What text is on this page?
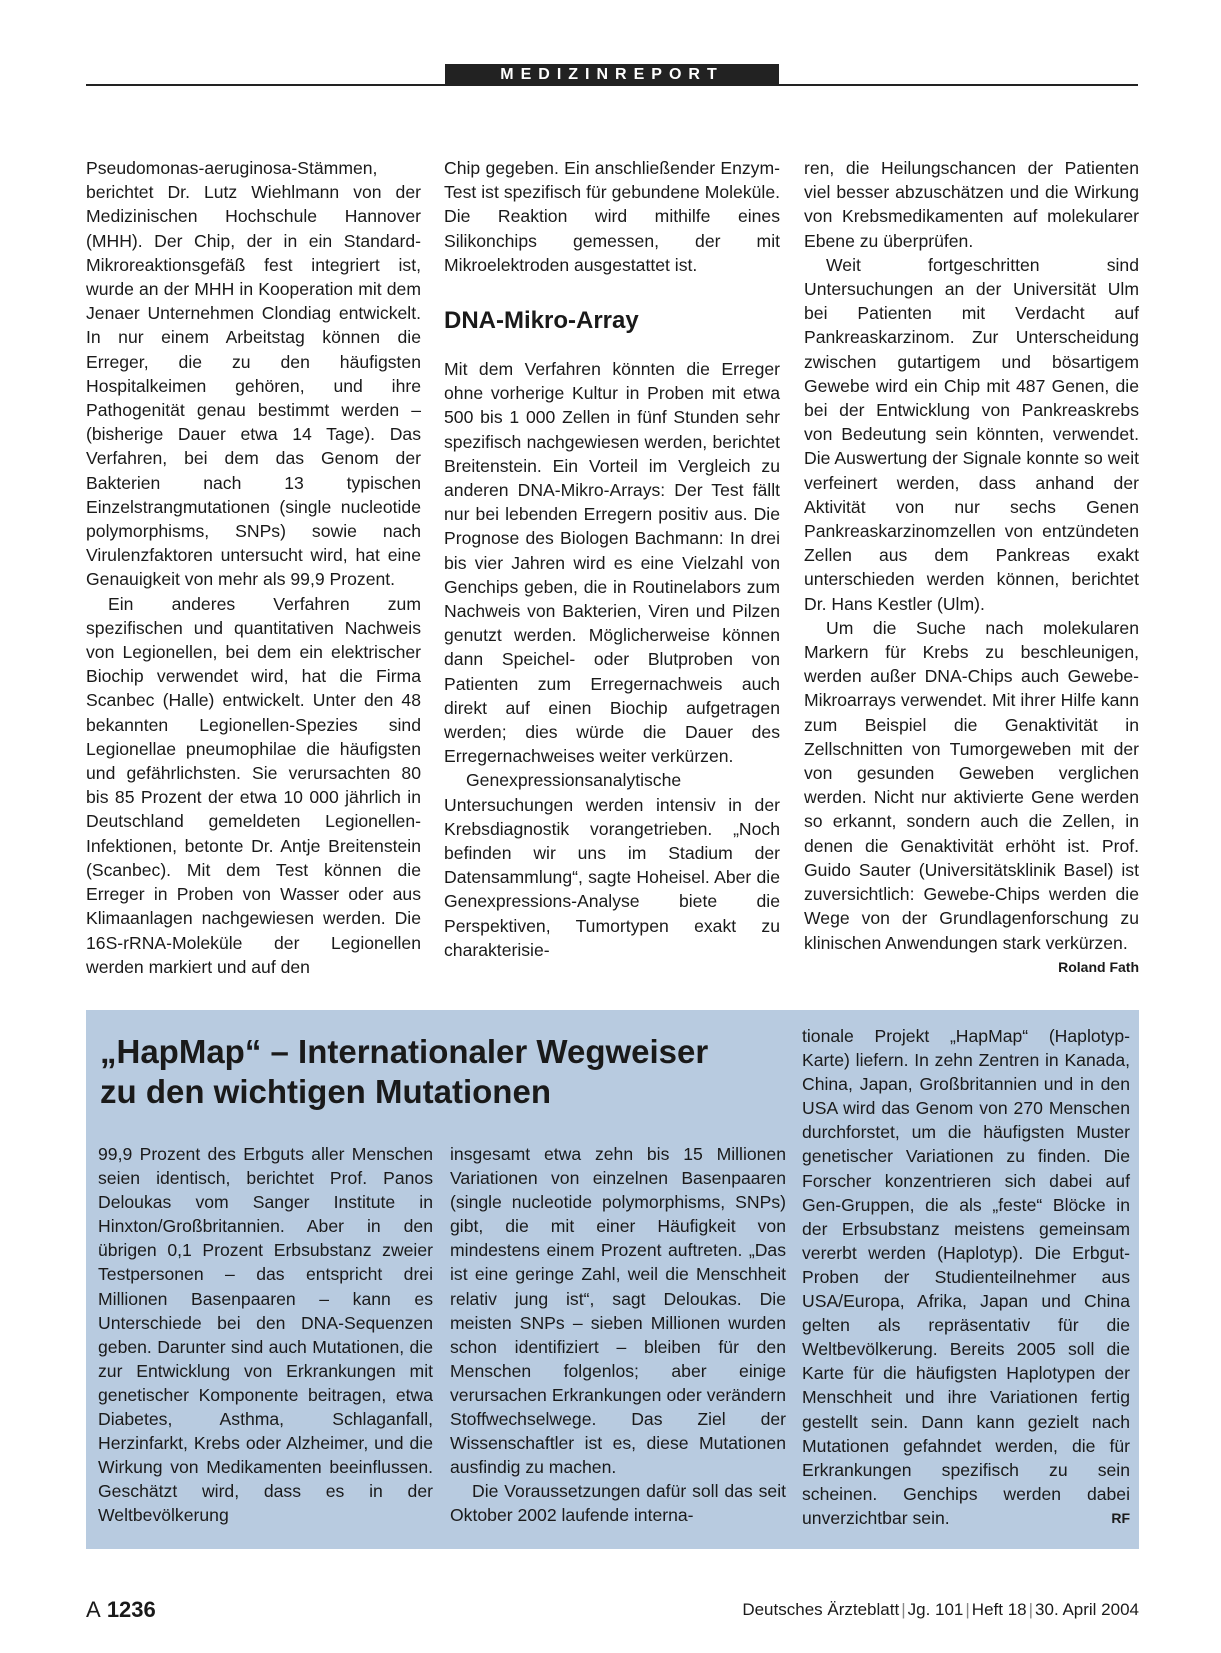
MEDIZINREPORT

Pseudomonas-aeruginosa-Stämmen, berichtet Dr. Lutz Wiehlmann von der Medizinischen Hochschule Hannover (MHH). Der Chip, der in ein Standard-Mikroreaktionsgefäß fest integriert ist, wurde an der MHH in Kooperation mit dem Jenaer Unternehmen Clondiag entwickelt. In nur einem Arbeitstag können die Erreger, die zu den häufigsten Hospitalkeimen gehören, und ihre Pathogenität genau bestimmt werden – (bisherige Dauer etwa 14 Tage). Das Verfahren, bei dem das Genom der Bakterien nach 13 typischen Einzelstrangmutationen (single nucleotide polymorphisms, SNPs) sowie nach Virulenzfaktoren untersucht wird, hat eine Genauigkeit von mehr als 99,9 Prozent.

Ein anderes Verfahren zum spezifischen und quantitativen Nachweis von Legionellen, bei dem ein elektrischer Biochip verwendet wird, hat die Firma Scanbec (Halle) entwickelt. Unter den 48 bekannten Legionellen-Spezies sind Legionellae pneumophilae die häufigsten und gefährlichsten. Sie verursachten 80 bis 85 Prozent der etwa 10 000 jährlich in Deutschland gemeldeten Legionellen-Infektionen, betonte Dr. Antje Breitenstein (Scanbec). Mit dem Test können die Erreger in Proben von Wasser oder aus Klimaanlagen nachgewiesen werden. Die 16S-rRNA-Moleküle der Legionellen werden markiert und auf den

Chip gegeben. Ein anschließender Enzym-Test ist spezifisch für gebundene Moleküle. Die Reaktion wird mithilfe eines Silikonchips gemessen, der mit Mikroelektroden ausgestattet ist.

DNA-Mikro-Array

Mit dem Verfahren könnten die Erreger ohne vorherige Kultur in Proben mit etwa 500 bis 1 000 Zellen in fünf Stunden sehr spezifisch nachgewiesen werden, berichtet Breitenstein. Ein Vorteil im Vergleich zu anderen DNA-Mikro-Arrays: Der Test fällt nur bei lebenden Erregern positiv aus. Die Prognose des Biologen Bachmann: In drei bis vier Jahren wird es eine Vielzahl von Genchips geben, die in Routinelabors zum Nachweis von Bakterien, Viren und Pilzen genutzt werden. Möglicherweise können dann Speichel- oder Blutproben von Patienten zum Erregernachweis auch direkt auf einen Biochip aufgetragen werden; dies würde die Dauer des Erregernachweises weiter verkürzen.

Genexpressionsanalytische Untersuchungen werden intensiv in der Krebsdiagnostik vorangetrieben. „Noch befinden wir uns im Stadium der Datensammlung“, sagte Hoheisel. Aber die Genexpressions-Analyse biete die Perspektiven, Tumortypen exakt zu charakterisie-

ren, die Heilungschancen der Patienten viel besser abzuschätzen und die Wirkung von Krebsmedikamenten auf molekularer Ebene zu überprüfen.

Weit fortgeschritten sind Untersuchungen an der Universität Ulm bei Patienten mit Verdacht auf Pankreaskarzinom. Zur Unterscheidung zwischen gutartigem und bösartigem Gewebe wird ein Chip mit 487 Genen, die bei der Entwicklung von Pankreaskrebs von Bedeutung sein könnten, verwendet. Die Auswertung der Signale konnte so weit verfeinert werden, dass anhand der Aktivität von nur sechs Genen Pankreaskarzinomzellen von entzündeten Zellen aus dem Pankreas exakt unterschieden werden können, berichtet Dr. Hans Kestler (Ulm).

Um die Suche nach molekularen Markern für Krebs zu beschleunigen, werden außer DNA-Chips auch Gewebe-Mikroarrays verwendet. Mit ihrer Hilfe kann zum Beispiel die Genaktivität in Zellschnitten von Tumorgeweben mit der von gesunden Geweben verglichen werden. Nicht nur aktivierte Gene werden so erkannt, sondern auch die Zellen, in denen die Genaktivität erhöht ist. Prof. Guido Sauter (Universitätsklinik Basel) ist zuversichtlich: Gewebe-Chips werden die Wege von der Grundlagenforschung zu klinischen Anwendungen stark verkürzen.
Roland Fath

„HapMap“ – Internationaler Wegweiser zu den wichtigen Mutationen

99,9 Prozent des Erbguts aller Menschen seien identisch, berichtet Prof. Panos Deloukas vom Sanger Institute in Hinxton/Großbritannien. Aber in den übrigen 0,1 Prozent Erbsubstanz zweier Testpersonen – das entspricht drei Millionen Basenpaaren – kann es Unterschiede bei den DNA-Sequenzen geben. Darunter sind auch Mutationen, die zur Entwicklung von Erkrankungen mit genetischer Komponente beitragen, etwa Diabetes, Asthma, Schlaganfall, Herzinfarkt, Krebs oder Alzheimer, und die Wirkung von Medikamenten beeinflussen. Geschätzt wird, dass es in der Weltbevölkerung

insgesamt etwa zehn bis 15 Millionen Variationen von einzelnen Basenpaaren (single nucleotide polymorphisms, SNPs) gibt, die mit einer Häufigkeit von mindestens einem Prozent auftreten. „Das ist eine geringe Zahl, weil die Menschheit relativ jung ist“, sagt Deloukas. Die meisten SNPs – sieben Millionen wurden schon identifiziert – bleiben für den Menschen folgenlos; aber einige verursachen Erkrankungen oder verändern Stoffwechselwege. Das Ziel der Wissenschaftler ist es, diese Mutationen ausfindig zu machen.

Die Voraussetzungen dafür soll das seit Oktober 2002 laufende interna-

tionale Projekt „HapMap“ (Haplotyp-Karte) liefern. In zehn Zentren in Kanada, China, Japan, Großbritannien und in den USA wird das Genom von 270 Menschen durchforstet, um die häufigsten Muster genetischer Variationen zu finden. Die Forscher konzentrieren sich dabei auf Gen-Gruppen, die als „feste“ Blöcke in der Erbsubstanz meistens gemeinsam vererbt werden (Haplotyp). Die Erbgut-Proben der Studienteilnehmer aus USA/Europa, Afrika, Japan und China gelten als repräsentativ für die Weltbevölkerung. Bereits 2005 soll die Karte für die häufigsten Haplotypen der Menschheit und ihre Variationen fertig gestellt sein. Dann kann gezielt nach Mutationen gefahndet werden, die für Erkrankungen spezifisch zu sein scheinen. Genchips werden dabei unverzichtbar sein.	RF

A 1236	Deutsches Ärzteblatt | Jg. 101 | Heft 18 | 30. April 2004
